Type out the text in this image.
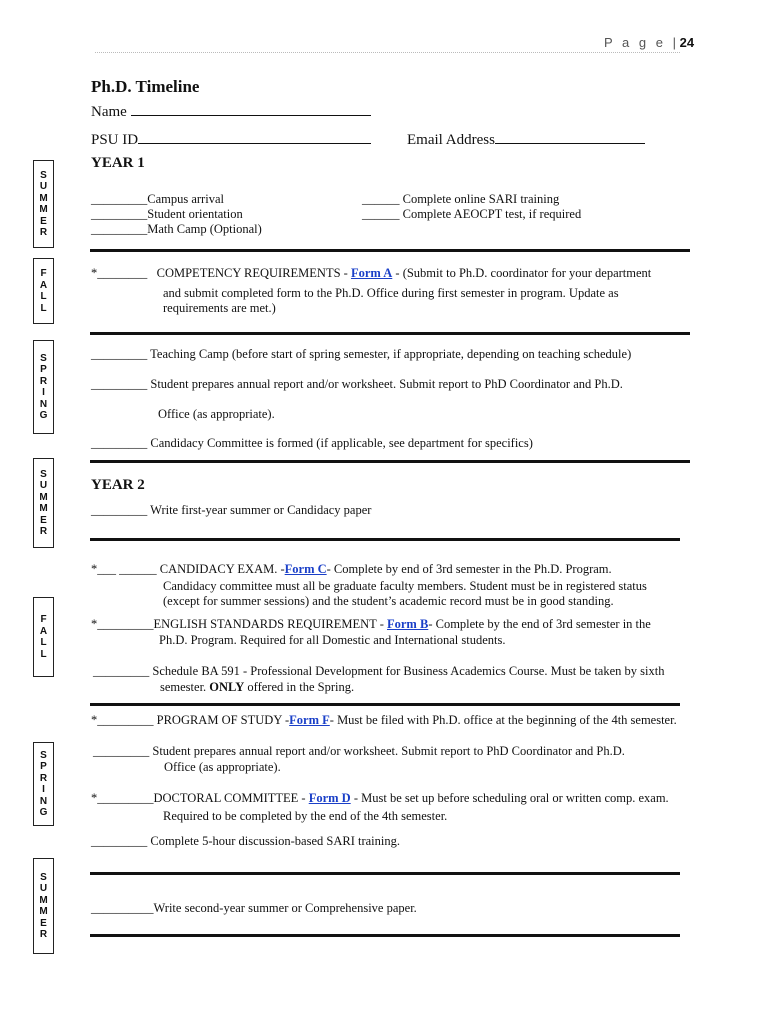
P a g e | 24
Ph.D. Timeline
Name
PSU ID	Email Address
YEAR 1
S
U
M
M
E
R
_________Campus arrival
_________Student orientation
_________Math Camp (Optional)
______ Complete online SARI training
______ Complete AEOCPT test, if required
F
A
L
L
*________ COMPETENCY REQUIREMENTS - Form A - (Submit to Ph.D. coordinator for your department
and submit completed form to the Ph.D. Office during first semester in program. Update as
requirements are met.)
S
P
R
I
N
G
_________ Teaching Camp (before start of spring semester, if appropriate, depending on teaching schedule)
_________ Student prepares annual report and/or worksheet. Submit report to PhD Coordinator and Ph.D.
Office (as appropriate).
_________ Candidacy Committee is formed (if applicable, see department for specifics)
S
U
M
M
E
R
YEAR 2
_________ Write first-year summer or Candidacy paper
F
A
L
L
*___ ______ CANDIDACY EXAM. -Form C- Complete by end of 3rd semester in the Ph.D. Program.
Candidacy committee must all be graduate faculty members. Student must be in registered status
(except for summer sessions) and the student’s academic record must be in good standing.
*_________ENGLISH STANDARDS REQUIREMENT - Form B- Complete by the end of 3rd semester in the
Ph.D. Program. Required for all Domestic and International students.
_________ Schedule BA 591 - Professional Development for Business Academics Course. Must be taken by sixth
semester. ONLY offered in the Spring.
S
P
R
I
N
G
*_________ PROGRAM OF STUDY -Form F- Must be filed with Ph.D. office at the beginning of the 4th semester.
_________ Student prepares annual report and/or worksheet. Submit report to PhD Coordinator and Ph.D.
Office (as appropriate).
*_________DOCTORAL COMMITTEE - Form D - Must be set up before scheduling oral or written comp. exam.
Required to be completed by the end of the 4th semester.
_________ Complete 5-hour discussion-based SARI training.
S
U
M
M
E
R
__________Write second-year summer or Comprehensive paper.
